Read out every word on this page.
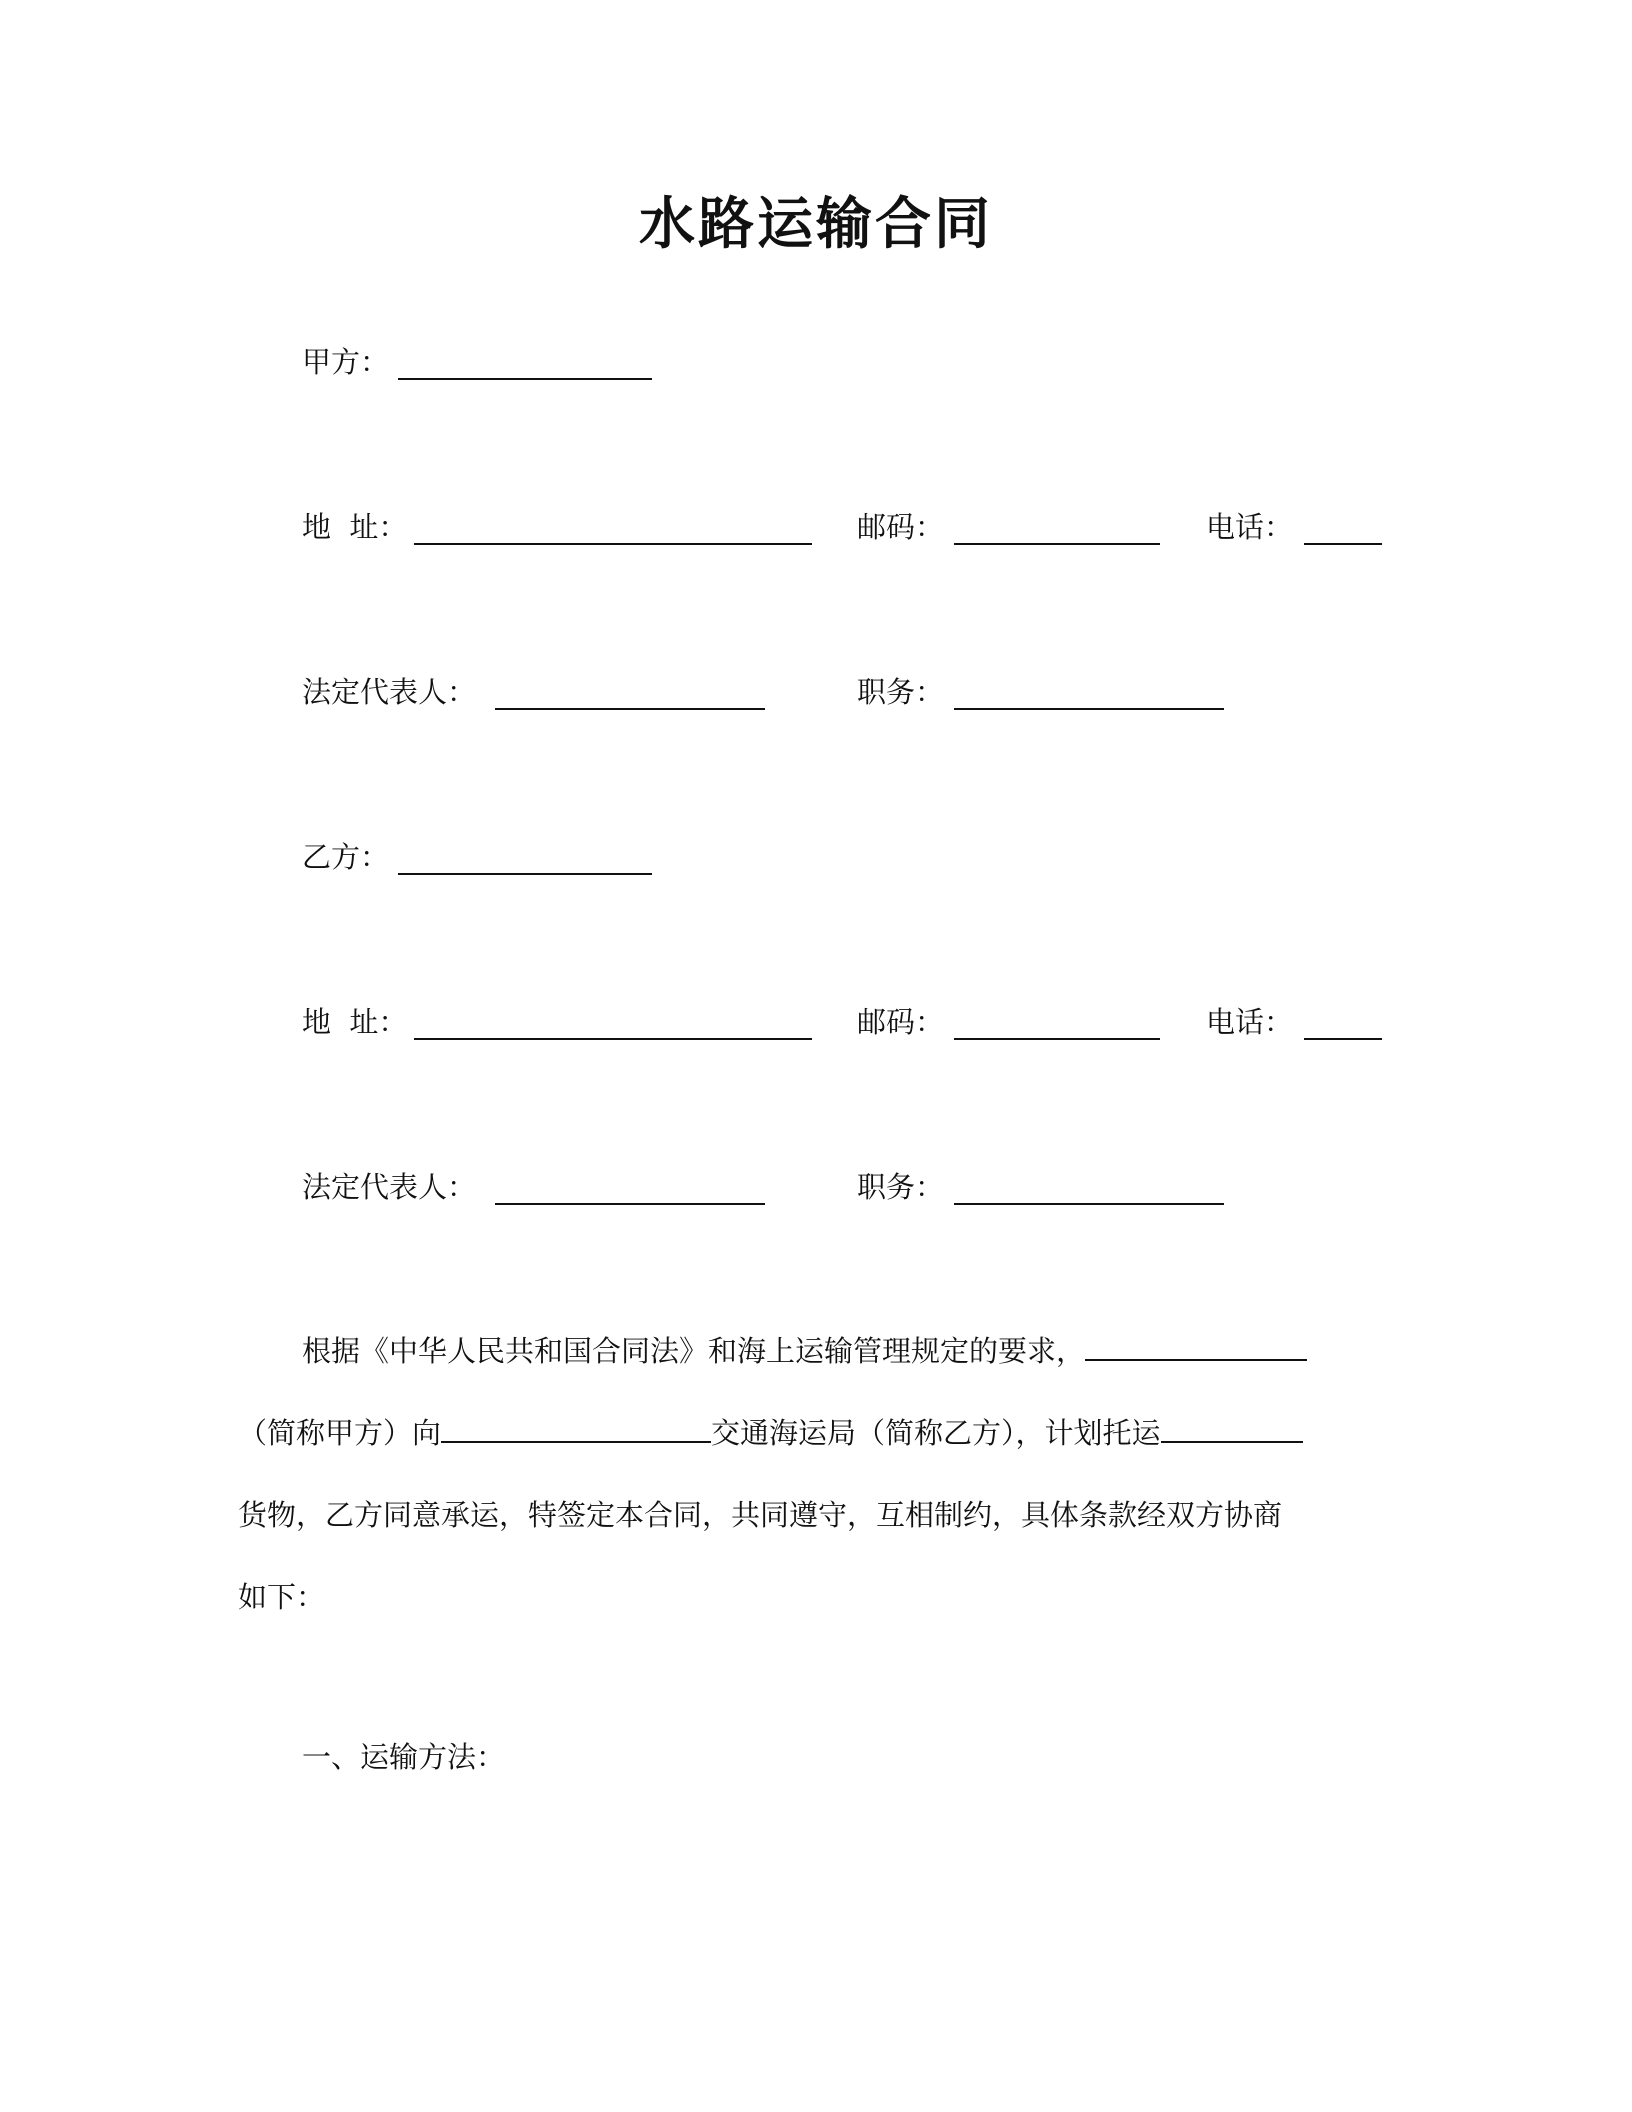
水路运输合同
甲方：
地  址：	邮码：	电话：
法定代表人：	职务：
乙方：
地  址：	邮码：	电话：
法定代表人：	职务：
根据《中华人民共和国合同法》和海上运输管理规定的要求，
（简称甲方）向	交通海运局（简称乙方），计划托运
货物，乙方同意承运，特签定本合同，共同遵守，互相制约，具体条款经双方协商
如下：
一、运输方法：
